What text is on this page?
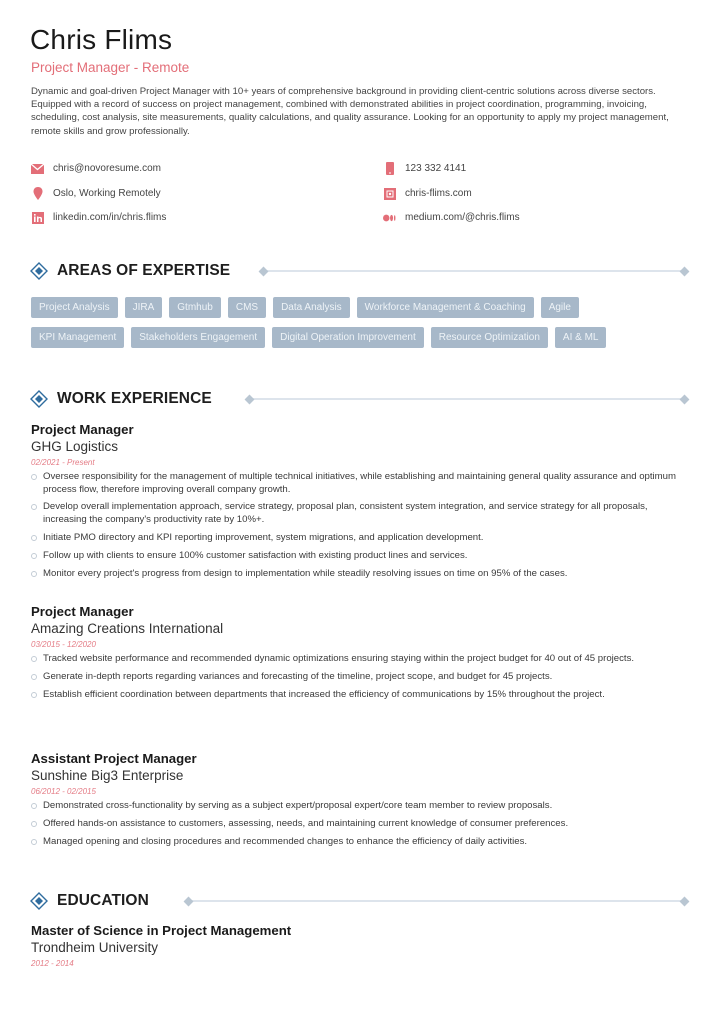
Chris Flims
Project Manager - Remote
Dynamic and goal-driven Project Manager with 10+ years of comprehensive background in providing client-centric solutions across diverse sectors. Equipped with a record of success on project management, combined with demonstrated abilities in project coordination, programming, invoicing, scheduling, cost analysis, site measurements, quality calculations, and quality assurance. Looking for an opportunity to apply my project management, remote skills and grow professionally.
chris@novoresume.com
Oslo, Working Remotely
linkedin.com/in/chris.flims
123 332 4141
chris-flims.com
medium.com/@chris.flims
AREAS OF EXPERTISE
Project Analysis	JIRA	Gtmhub	CMS	Data Analysis	Workforce Management & Coaching	Agile
KPI Management	Stakeholders Engagement	Digital Operation Improvement	Resource Optimization	AI & ML
WORK EXPERIENCE
Project Manager
GHG Logistics
02/2021 - Present
Oversee responsibility for the management of multiple technical initiatives, while establishing and maintaining general quality assurance and optimum process flow, therefore improving overall company growth.
Develop overall implementation approach, service strategy, proposal plan, consistent system integration, and service strategy for all proposals, increasing the company's productivity rate by 10%+.
Initiate PMO directory and KPI reporting improvement, system migrations, and application development.
Follow up with clients to ensure 100% customer satisfaction with existing product lines and services.
Monitor every project's progress from design to implementation while steadily resolving issues on time on 95% of the cases.
Project Manager
Amazing Creations International
03/2015 - 12/2020
Tracked website performance and recommended dynamic optimizations ensuring staying within the project budget for 40 out of 45 projects.
Generate in-depth reports regarding variances and forecasting of the timeline, project scope, and budget for 45 projects.
Establish efficient coordination between departments that increased the efficiency of communications by 15% throughout the project.
Assistant Project Manager
Sunshine Big3 Enterprise
06/2012 - 02/2015
Demonstrated cross-functionality by serving as a subject expert/proposal expert/core team member to review proposals.
Offered hands-on assistance to customers, assessing, needs, and maintaining current knowledge of consumer preferences.
Managed opening and closing procedures and recommended changes to enhance the efficiency of daily activities.
EDUCATION
Master of Science in Project Management
Trondheim University
2012 - 2014
